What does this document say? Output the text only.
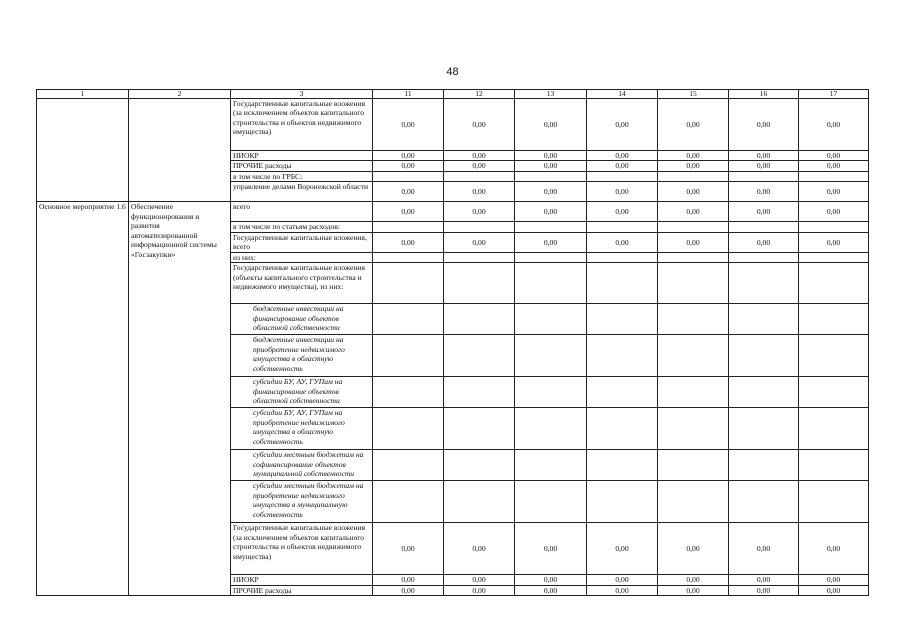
48
1	2	3	11	12	13	14	15	16	17
		Государственные капитальные вложения (за исключением объектов капитального строительства и объектов недвижимого имущества)	0,00	0,00	0,00	0,00	0,00	0,00	0,00
		НИОКР	0,00	0,00	0,00	0,00	0,00	0,00	0,00
		ПРОЧИЕ расходы	0,00	0,00	0,00	0,00	0,00	0,00	0,00
		в том числе по ГРБС:							
		управление делами Воронежской области	0,00	0,00	0,00	0,00	0,00	0,00	0,00
Основное мероприятие 1.6	Обеспечение функционирования и развития автоматизированной информационной системы «Госзакупки»	всего	0,00	0,00	0,00	0,00	0,00	0,00	0,00
		в том числе по статьям расходов:							
		Государственные капитальные вложения, всего	0,00	0,00	0,00	0,00	0,00	0,00	0,00
		из них:							
		Государственные капитальные вложения (объекты капитального строительства и недвижимого имущества), из них:							
		бюджетные инвестиции на финансирование объектов областной собственности							
		бюджетные инвестиции на приобретение недвижимого имущества в областную собственность							
		субсидии БУ, АУ, ГУПам на финансирование объектов областной собственности							
		субсидии БУ, АУ, ГУПам на приобретение недвижимого имущества в областную собственность							
		субсидии местным бюджетам на софинансирование объектов муниципальной собственности							
		субсидии местным бюджетам на приобретение недвижимого имущества в муниципальную собственность							
		Государственные капитальные вложения (за исключением объектов капитального строительства и объектов недвижимого имущества)	0,00	0,00	0,00	0,00	0,00	0,00	0,00
		НИОКР	0,00	0,00	0,00	0,00	0,00	0,00	0,00
		ПРОЧИЕ расходы	0,00	0,00	0,00	0,00	0,00	0,00	0,00
